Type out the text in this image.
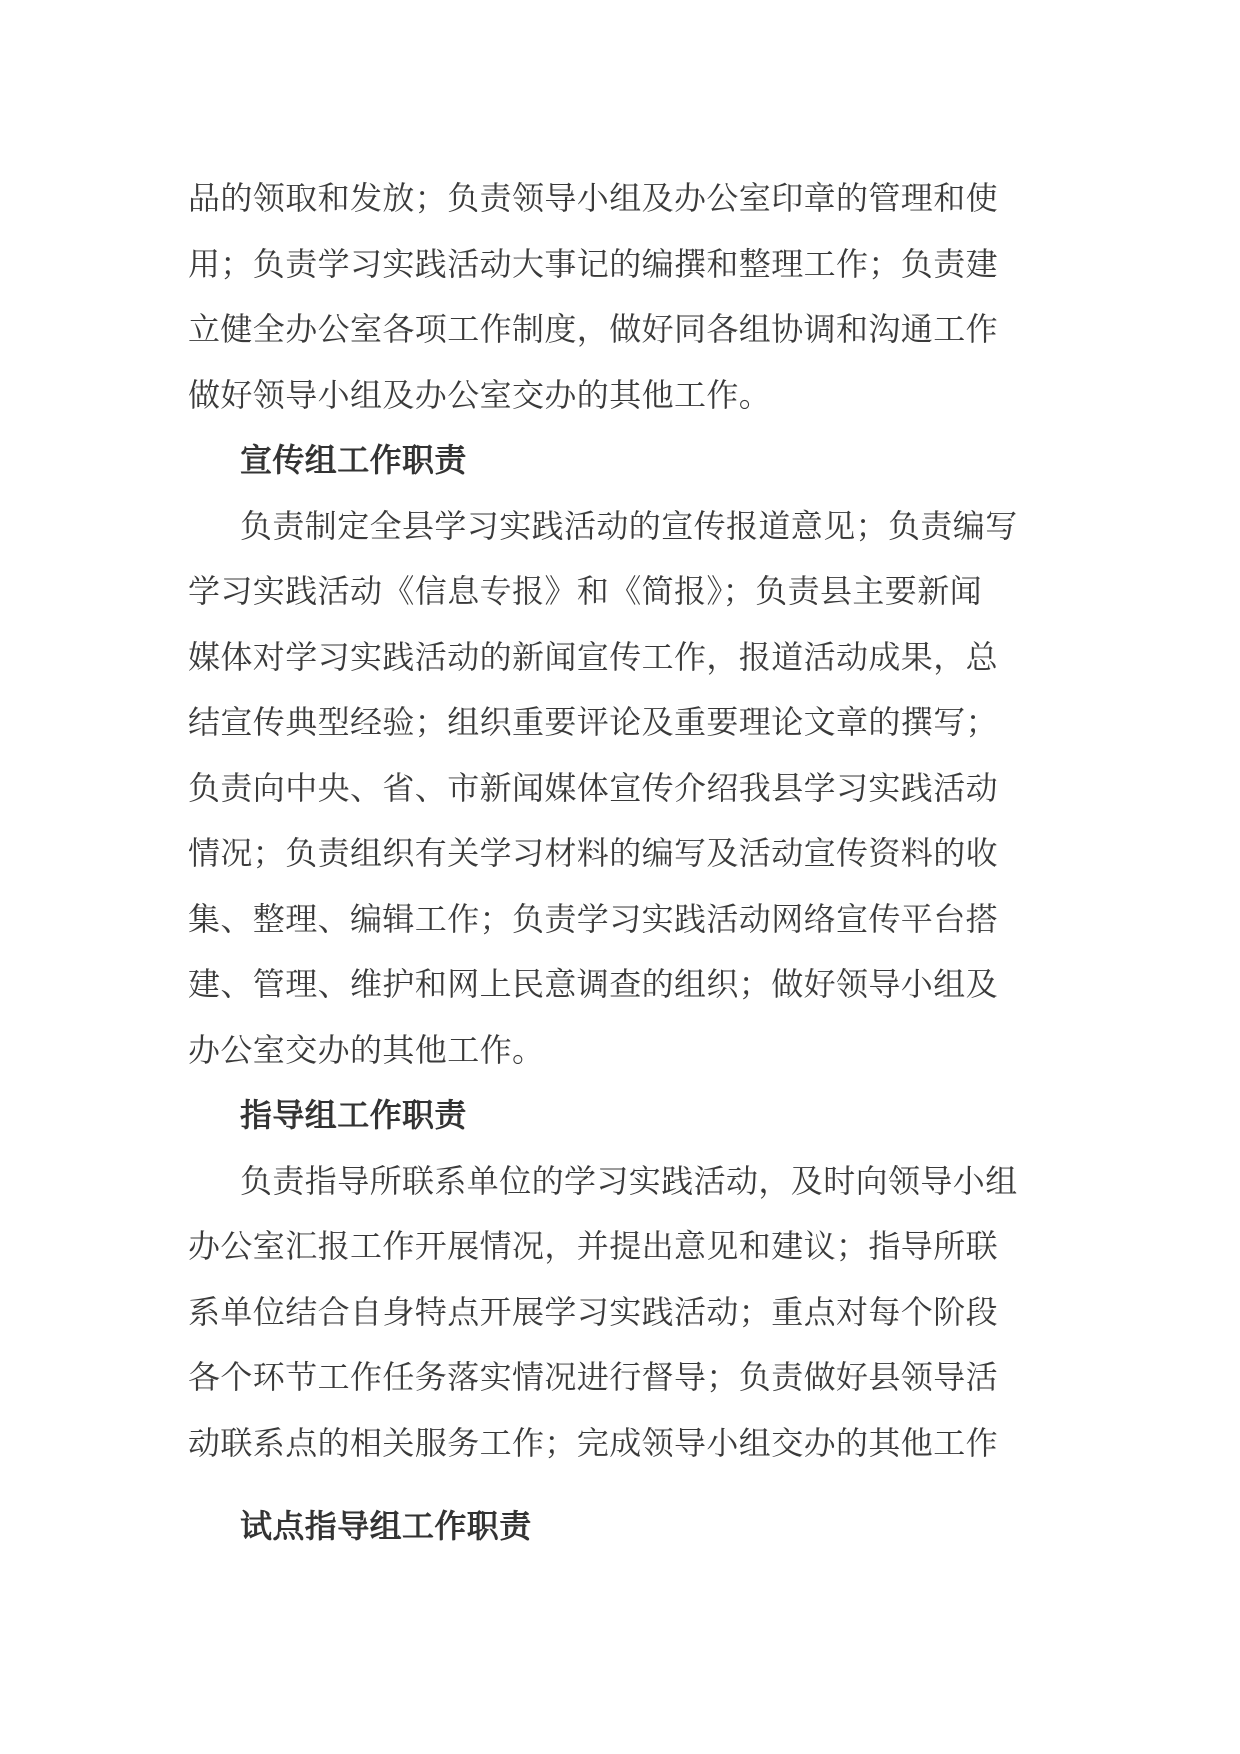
品的领取和发放；负责领导小组及办公室印章的管理和使
用；负责学习实践活动大事记的编撰和整理工作；负责建
立健全办公室各项工作制度，做好同各组协调和沟通工作
做好领导小组及办公室交办的其他工作。
宣传组工作职责
负责制定全县学习实践活动的宣传报道意见；负责编写
学习实践活动《信息专报》和《简报》；负责县主要新闻
媒体对学习实践活动的新闻宣传工作，报道活动成果，总
结宣传典型经验；组织重要评论及重要理论文章的撰写；
负责向中央、省、市新闻媒体宣传介绍我县学习实践活动
情况；负责组织有关学习材料的编写及活动宣传资料的收
集、整理、编辑工作；负责学习实践活动网络宣传平台搭
建、管理、维护和网上民意调查的组织；做好领导小组及
办公室交办的其他工作。
指导组工作职责
负责指导所联系单位的学习实践活动，及时向领导小组
办公室汇报工作开展情况，并提出意见和建议；指导所联
系单位结合自身特点开展学习实践活动；重点对每个阶段
各个环节工作任务落实情况进行督导；负责做好县领导活
动联系点的相关服务工作；完成领导小组交办的其他工作
试点指导组工作职责
